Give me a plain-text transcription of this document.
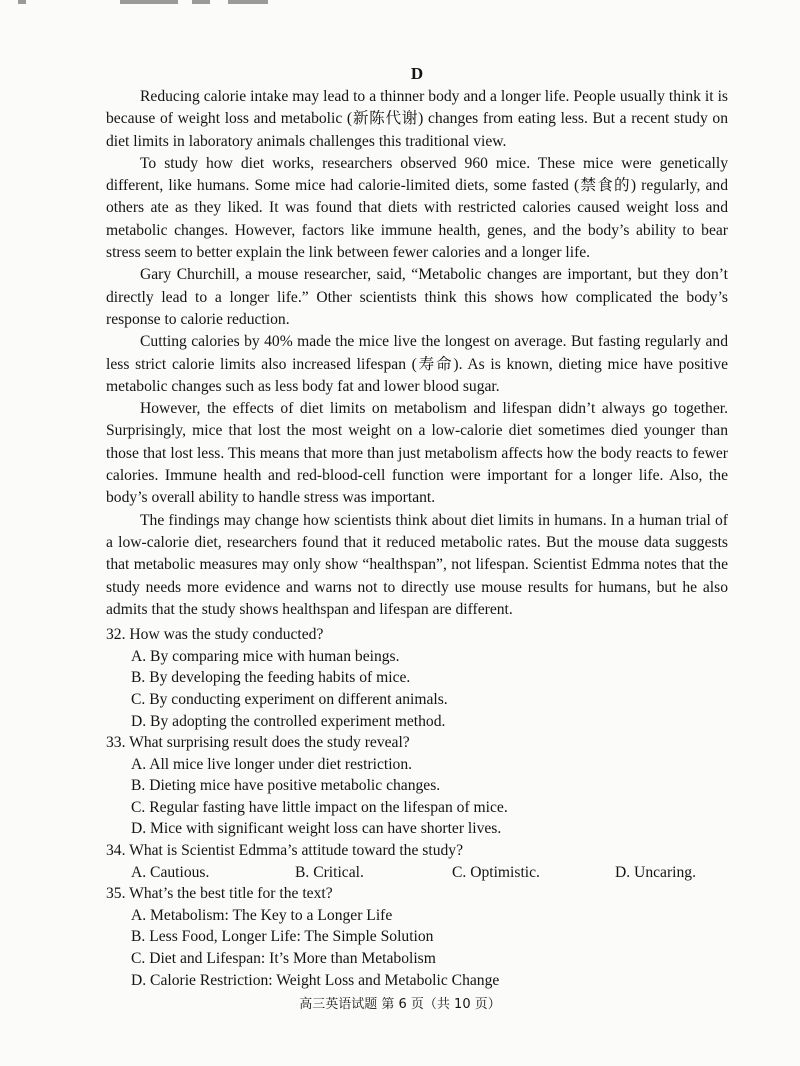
D

Reducing calorie intake may lead to a thinner body and a longer life. People usually think it is because of weight loss and metabolic (新陈代谢) changes from eating less. But a recent study on diet limits in laboratory animals challenges this traditional view.

To study how diet works, researchers observed 960 mice. These mice were genetically different, like humans. Some mice had calorie-limited diets, some fasted (禁食的) regularly, and others ate as they liked. It was found that diets with restricted calories caused weight loss and metabolic changes. However, factors like immune health, genes, and the body’s ability to bear stress seem to better explain the link between fewer calories and a longer life.

Gary Churchill, a mouse researcher, said, “Metabolic changes are important, but they don’t directly lead to a longer life.” Other scientists think this shows how complicated the body’s response to calorie reduction.

Cutting calories by 40% made the mice live the longest on average. But fasting regularly and less strict calorie limits also increased lifespan (寿命). As is known, dieting mice have positive metabolic changes such as less body fat and lower blood sugar.

However, the effects of diet limits on metabolism and lifespan didn’t always go together. Surprisingly, mice that lost the most weight on a low-calorie diet sometimes died younger than those that lost less. This means that more than just metabolism affects how the body reacts to fewer calories. Immune health and red-blood-cell function were important for a longer life. Also, the body’s overall ability to handle stress was important.

The findings may change how scientists think about diet limits in humans. In a human trial of a low-calorie diet, researchers found that it reduced metabolic rates. But the mouse data suggests that metabolic measures may only show “healthspan”, not lifespan. Scientist Edmma notes that the study needs more evidence and warns not to directly use mouse results for humans, but he also admits that the study shows healthspan and lifespan are different.

32. How was the study conducted?

A. By comparing mice with human beings.

B. By developing the feeding habits of mice.

C. By conducting experiment on different animals.

D. By adopting the controlled experiment method.

33. What surprising result does the study reveal?

A. All mice live longer under diet restriction.

B. Dieting mice have positive metabolic changes.

C. Regular fasting have little impact on the lifespan of mice.

D. Mice with significant weight loss can have shorter lives.

34. What is Scientist Edmma’s attitude toward the study?

A. Cautious.	B. Critical.	C. Optimistic.	D. Uncaring.

35. What’s the best title for the text?

A. Metabolism: The Key to a Longer Life

B. Less Food, Longer Life: The Simple Solution

C. Diet and Lifespan: It’s More than Metabolism

D. Calorie Restriction: Weight Loss and Metabolic Change

高三英语试题 第 6 页（共 10 页）
